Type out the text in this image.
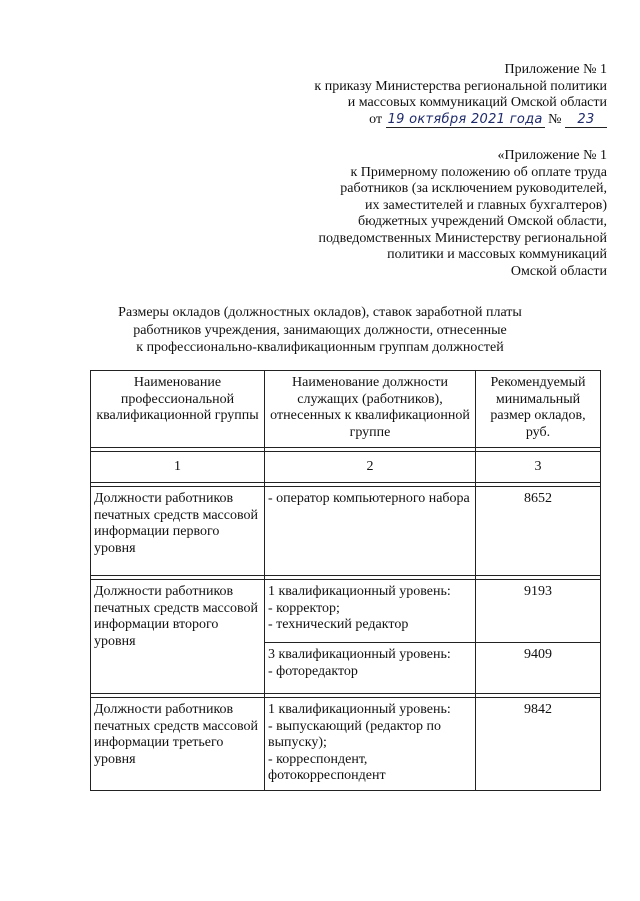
Приложение № 1
к приказу Министерства региональной политики
и массовых коммуникаций Омской области
от 19 октября 2021 года № 23
«Приложение № 1
к Примерному положению об оплате труда
работников (за исключением руководителей,
их заместителей и главных бухгалтеров)
бюджетных учреждений Омской области,
подведомственных Министерству региональной
политики и массовых коммуникаций
Омской области
Размеры окладов (должностных окладов), ставок заработной платы
работников учреждения, занимающих должности, отнесенные
к профессионально-квалификационным группам должностей
Наименование профессиональной квалификационной группы	Наименование должности служащих (работников), отнесенных к квалификационной группе	Рекомендуемый минимальный размер окладов, руб.

1	2	3

Должности работников печатных средств массовой информации первого уровня	- оператор компьютерного набора	8652

Должности работников печатных средств массовой информации второго уровня	1 квалификационный уровень:
- корректор;
- технический редактор	9193
	3 квалификационный уровень:
- фоторедактор	9409

Должности работников печатных средств массовой информации третьего уровня	1 квалификационный уровень:
- выпускающий (редактор по выпуску);
- корреспондент, фотокорреспондент	9842
